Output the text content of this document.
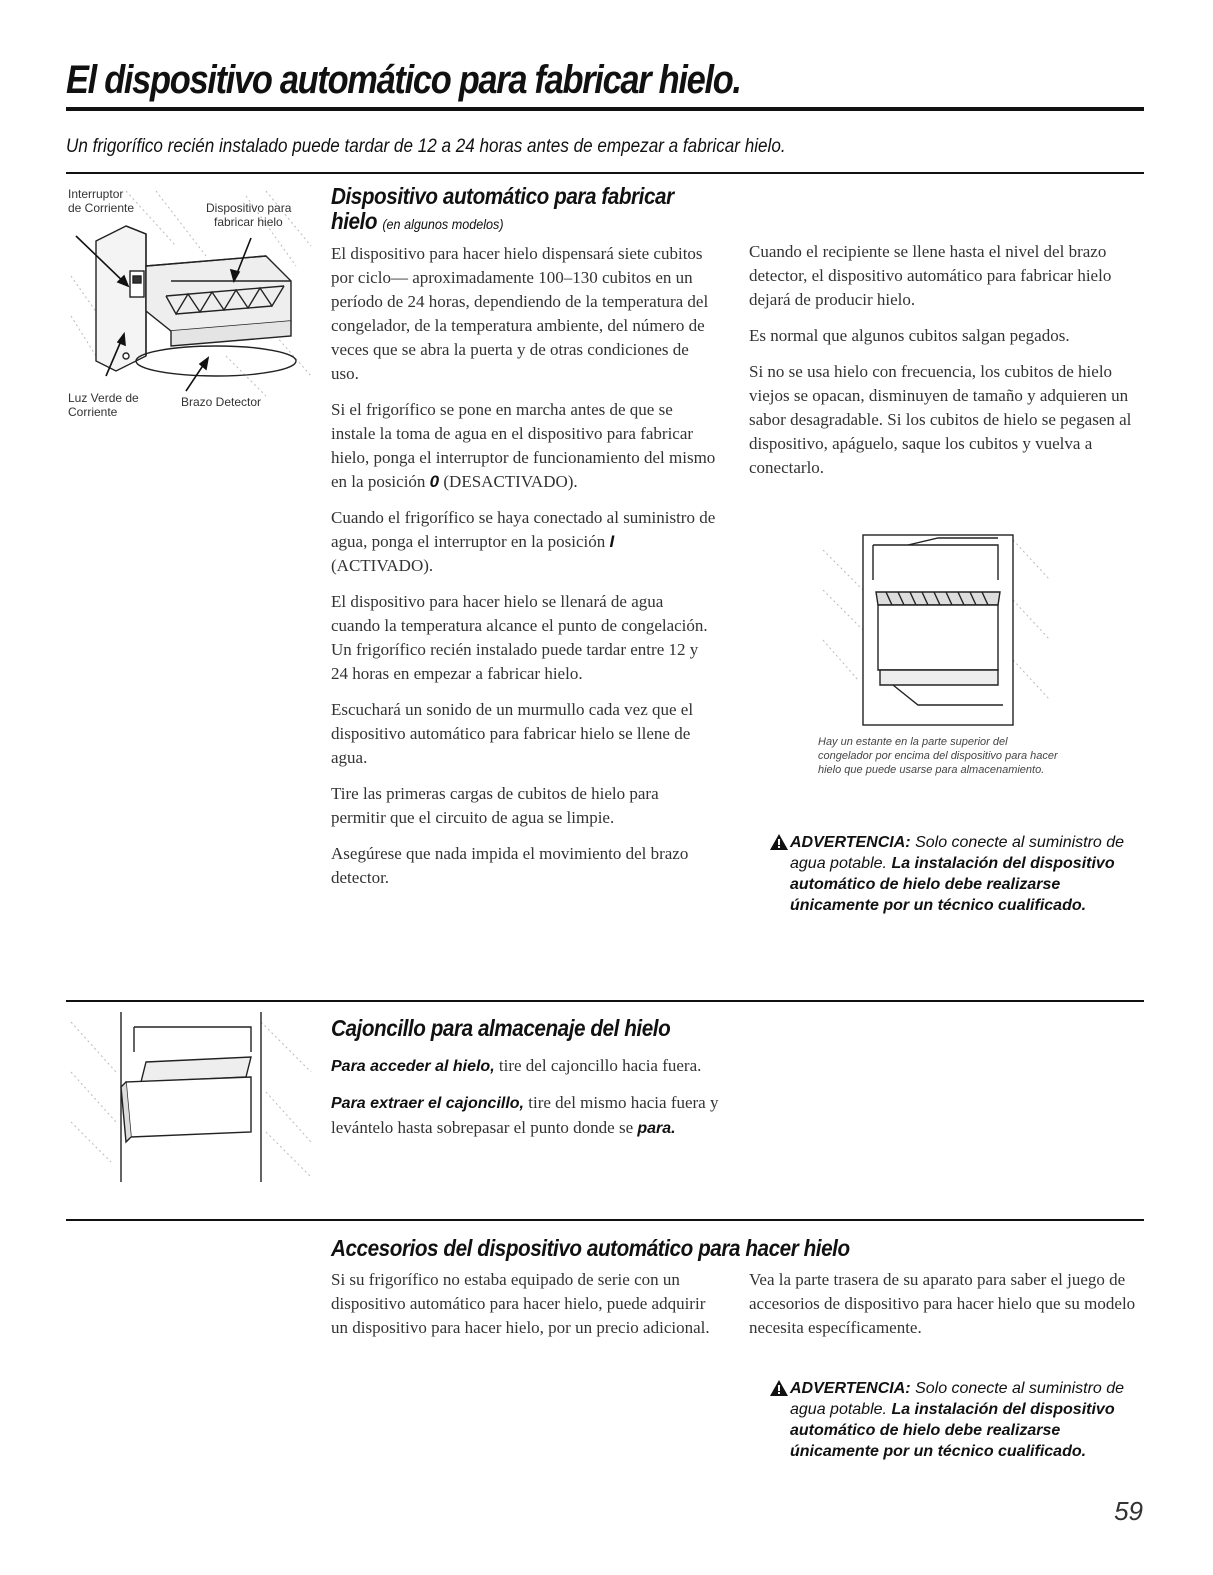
El dispositivo automático para fabricar hielo.
Un frigorífico recién instalado puede tardar de 12 a 24 horas antes de empezar a fabricar hielo.
Interruptor
de Corriente	Dispositivo para
fabricar hielo
Luz Verde de
Corriente
Brazo Detector
Dispositivo automático para fabricar
hielo (en algunos modelos)

El dispositivo para hacer hielo dispensará siete cubitos por ciclo— aproximadamente 100–130 cubitos en un período de 24 horas, dependiendo de la temperatura del congelador, de la temperatura ambiente, del número de veces que se abra la puerta y de otras condiciones de uso.

Si el frigorífico se pone en marcha antes de que se instale la toma de agua en el dispositivo para fabricar hielo, ponga el interruptor de funcionamiento del mismo en la posición 0 (DESACTIVADO).

Cuando el frigorífico se haya conectado al suministro de agua, ponga el interruptor en la posición I (ACTIVADO).

El dispositivo para hacer hielo se llenará de agua cuando la temperatura alcance el punto de congelación. Un frigorífico recién instalado puede tardar entre 12 y 24 horas en empezar a fabricar hielo.

Escuchará un sonido de un murmullo cada vez que el dispositivo automático para fabricar hielo se llene de agua.

Tire las primeras cargas de cubitos de hielo para permitir que el circuito de agua se limpie.

Asegúrese que nada impida el movimiento del brazo detector.

Cuando el recipiente se llene hasta el nivel del brazo detector, el dispositivo automático para fabricar hielo dejará de producir hielo.

Es normal que algunos cubitos salgan pegados.

Si no se usa hielo con frecuencia, los cubitos de hielo viejos se opacan, disminuyen de tamaño y adquieren un sabor desagradable. Si los cubitos de hielo se pegasen al dispositivo, apáguelo, saque los cubitos y vuelva a conectarlo.

Hay un estante en la parte superior del congelador por encima del dispositivo para hacer hielo que puede usarse para almacenamiento.
ADVERTENCIA: Solo conecte al suministro de agua potable. La instalación del dispositivo automático de hielo debe realizarse únicamente por un técnico cualificado.
Cajoncillo para almacenaje del hielo

Para acceder al hielo, tire del cajoncillo hacia fuera.

Para extraer el cajoncillo, tire del mismo hacia fuera y levántelo hasta sobrepasar el punto donde se para.

Accesorios del dispositivo automático para hacer hielo

Si su frigorífico no estaba equipado de serie con un dispositivo automático para hacer hielo, puede adquirir un dispositivo para hacer hielo, por un precio adicional.

Vea la parte trasera de su aparato para saber el juego de accesorios de dispositivo para hacer hielo que su modelo necesita específicamente.

ADVERTENCIA: Solo conecte al suministro de agua potable. La instalación del dispositivo automático de hielo debe realizarse únicamente por un técnico cualificado.
59
